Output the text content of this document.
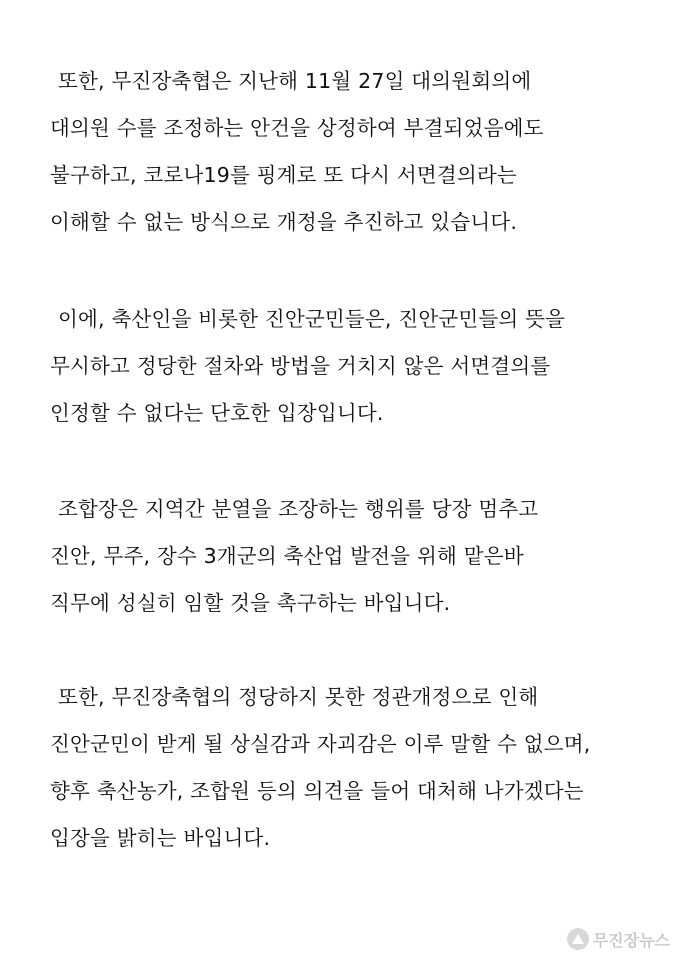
또한, 무진장축협은 지난해 11월 27일 대의원회의에
대의원 수를 조정하는 안건을 상정하여 부결되었음에도
불구하고, 코로나19를 핑계로 또 다시 서면결의라는
이해할 수 없는 방식으로 개정을 추진하고 있습니다.
이에, 축산인을 비롯한 진안군민들은, 진안군민들의 뜻을
무시하고 정당한 절차와 방법을 거치지 않은 서면결의를
인정할 수 없다는 단호한 입장입니다.
조합장은 지역간 분열을 조장하는 행위를 당장 멈추고
진안, 무주, 장수 3개군의 축산업 발전을 위해 맡은바
직무에 성실히 임할 것을 촉구하는 바입니다.
또한, 무진장축협의 정당하지 못한 정관개정으로 인해
진안군민이 받게 될 상실감과 자괴감은 이루 말할 수 없으며,
향후 축산농가, 조합원 등의 의견을 들어 대처해 나가겠다는
입장을 밝히는 바입니다.
무진장뉴스
